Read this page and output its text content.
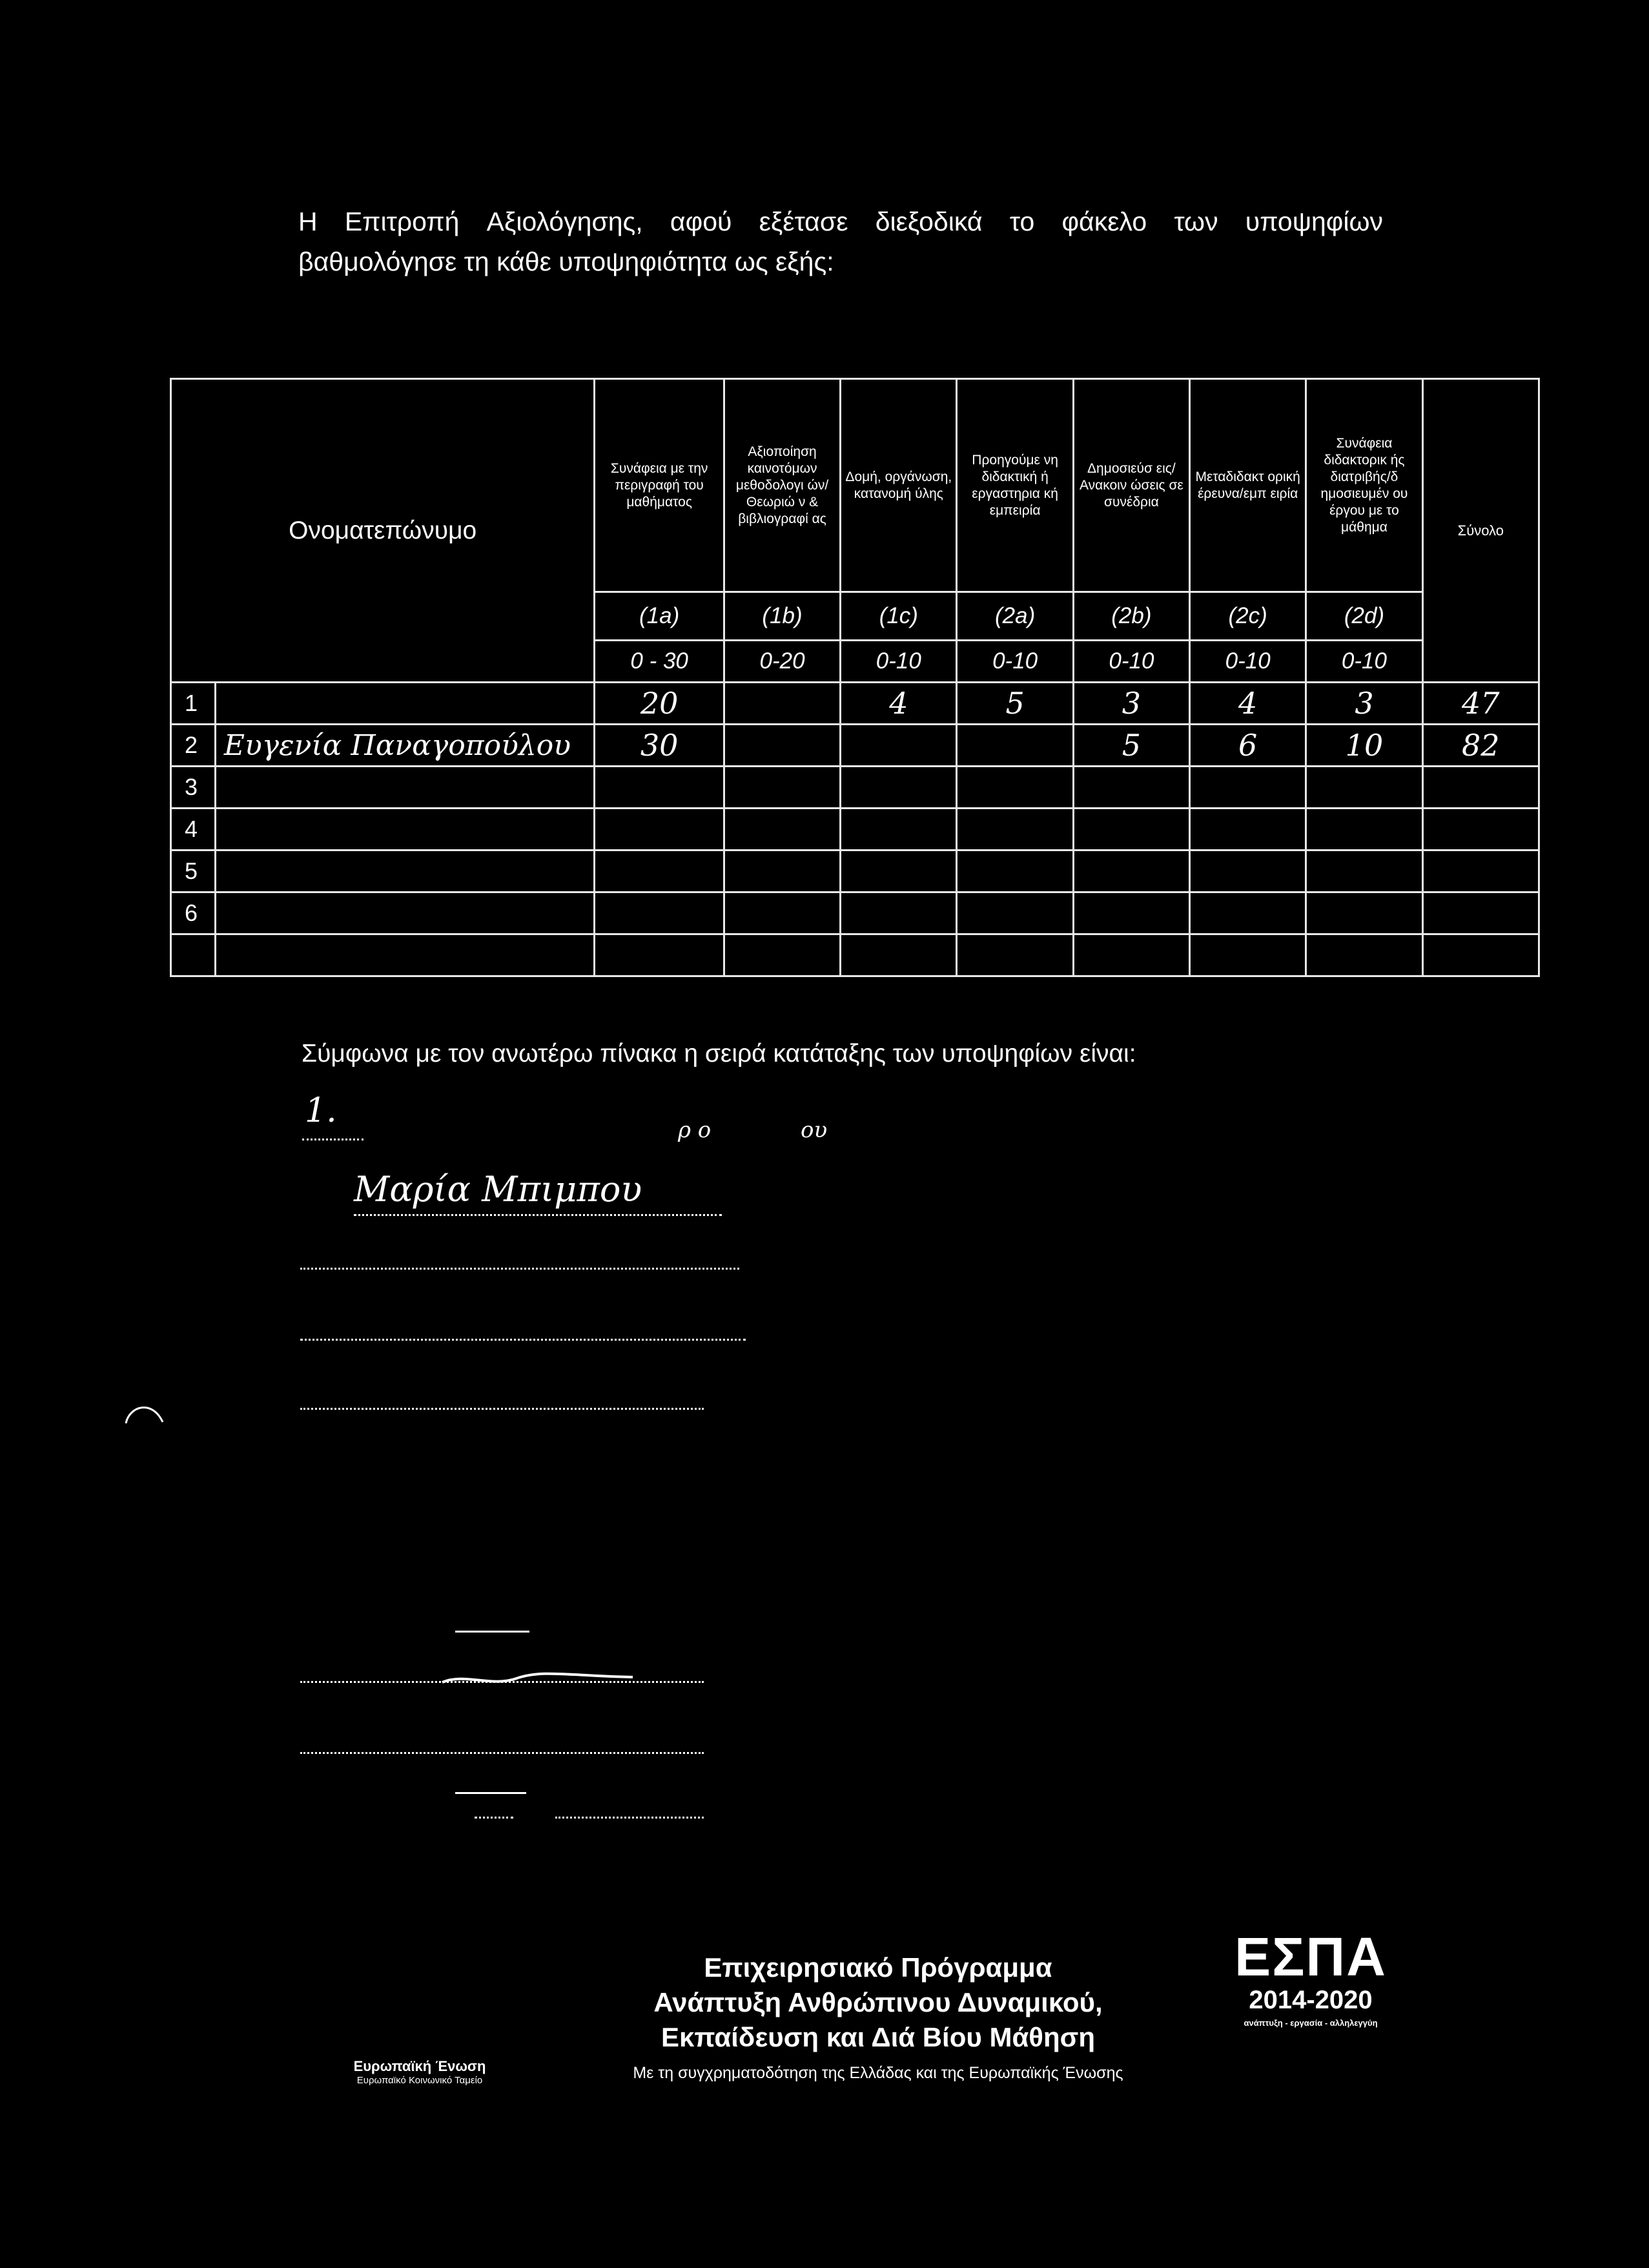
Η Επιτροπή Αξιολόγησης, αφού εξέτασε διεξοδικά το φάκελο των υποψηφίων
βαθμολόγησε τη κάθε υποψηφιότητα ως εξής:
Ονοματεπώνυμο		Συνάφεια με την περιγραφή του μαθήματος	Αξιοποίηση καινοτόμων μεθοδολογι ών/Θεωριώ ν & βιβλιογραφί ας	Δομή, οργάνωση, κατανομή ύλης	Προηγούμε νη διδακτική ή εργαστηρια κή εμπειρία	Δημοσιεύσ εις/Ανακοιν ώσεις σε συνέδρια	Μεταδιδακτ ορική έρευνα/εμπ ειρία	Συνάφεια διδακτορικ ής διατριβής/δ ημοσιευμέν ου έργου με το μάθημα	Σύνολο
		(1a)	(1b)	(1c)	(2a)	(2b)	(2c)	(2d)	
		0 - 30	0-20	0-10	0-10	0-10	0-10	0-10	
1		20		4	5	3	4	3	47
2	Ευγενία Παναγοπούλου	30				5	6	10	82
3									
4									
5									
6									

Σύμφωνα με τον ανωτέρω πίνακα η σειρά κατάταξης των υποψηφίων είναι:
1.	ρ ο	ου
Μαρία Μπιμπου
Ευρωπαϊκή Ένωση
Ευρωπαϊκό Κοινωνικό Ταμείο
Επιχειρησιακό Πρόγραμμα
Ανάπτυξη Ανθρώπινου Δυναμικού,
Εκπαίδευση και Διά Βίου Μάθηση
Με τη συγχρηματοδότηση της Ελλάδας και της Ευρωπαϊκής Ένωσης
ΕΣΠΑ
2014-2020
ανάπτυξη - εργασία - αλληλεγγύη
